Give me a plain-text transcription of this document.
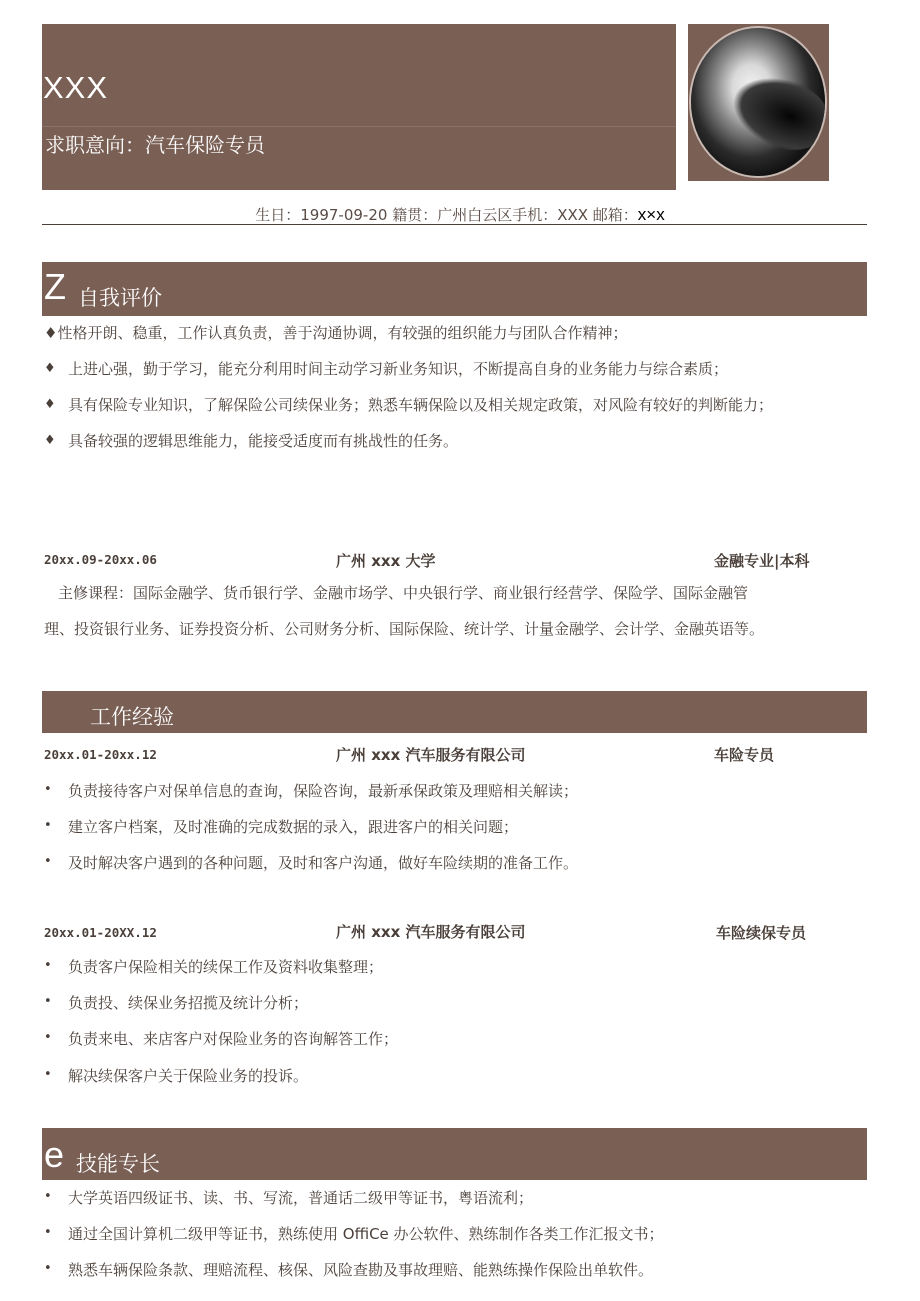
XXX
求职意向：汽车保险专员
生日：1997-09-20 籍贯：广州白云区手机：XXX 邮箱：x×x
Z 自我评价
♦性格开朗、稳重，工作认真负责，善于沟通协调，有较强的组织能力与团队合作精神；
♦ 上进心强，勤于学习，能充分利用时间主动学习新业务知识，不断提高自身的业务能力与综合素质；
♦ 具有保险专业知识，了解保险公司续保业务；熟悉车辆保险以及相关规定政策，对风险有较好的判断能力；
♦ 具备较强的逻辑思维能力，能接受适度而有挑战性的任务。
20xx.09-20xx.06	广州 xxx 大学	金融专业|本科
主修课程：国际金融学、货币银行学、金融市场学、中央银行学、商业银行经营学、保险学、国际金融管
理、投资银行业务、证券投资分析、公司财务分析、国际保险、统计学、计量金融学、会计学、金融英语等。
工作经验
20xx.01-20xx.12	广州 xxx 汽车服务有限公司	车险专员
• 负责接待客户对保单信息的查询，保险咨询，最新承保政策及理赔相关解读；
• 建立客户档案，及时准确的完成数据的录入，跟进客户的相关问题；
• 及时解决客户遇到的各种问题，及时和客户沟通，做好车险续期的准备工作。
20xx.01-20XX.12	广州 xxx 汽车服务有限公司	车险续保专员
• 负责客户保险相关的续保工作及资料收集整理；
• 负责投、续保业务招揽及统计分析；
• 负责来电、来店客户对保险业务的咨询解答工作；
• 解决续保客户关于保险业务的投诉。
e 技能专长
• 大学英语四级证书、读、书、写流，普通话二级甲等证书，粤语流利；
• 通过全国计算机二级甲等证书，熟练使用 OffiCe 办公软件、熟练制作各类工作汇报文书；
• 熟悉车辆保险条款、理赔流程、核保、风险查勘及事故理赔、能熟练操作保险出单软件。
